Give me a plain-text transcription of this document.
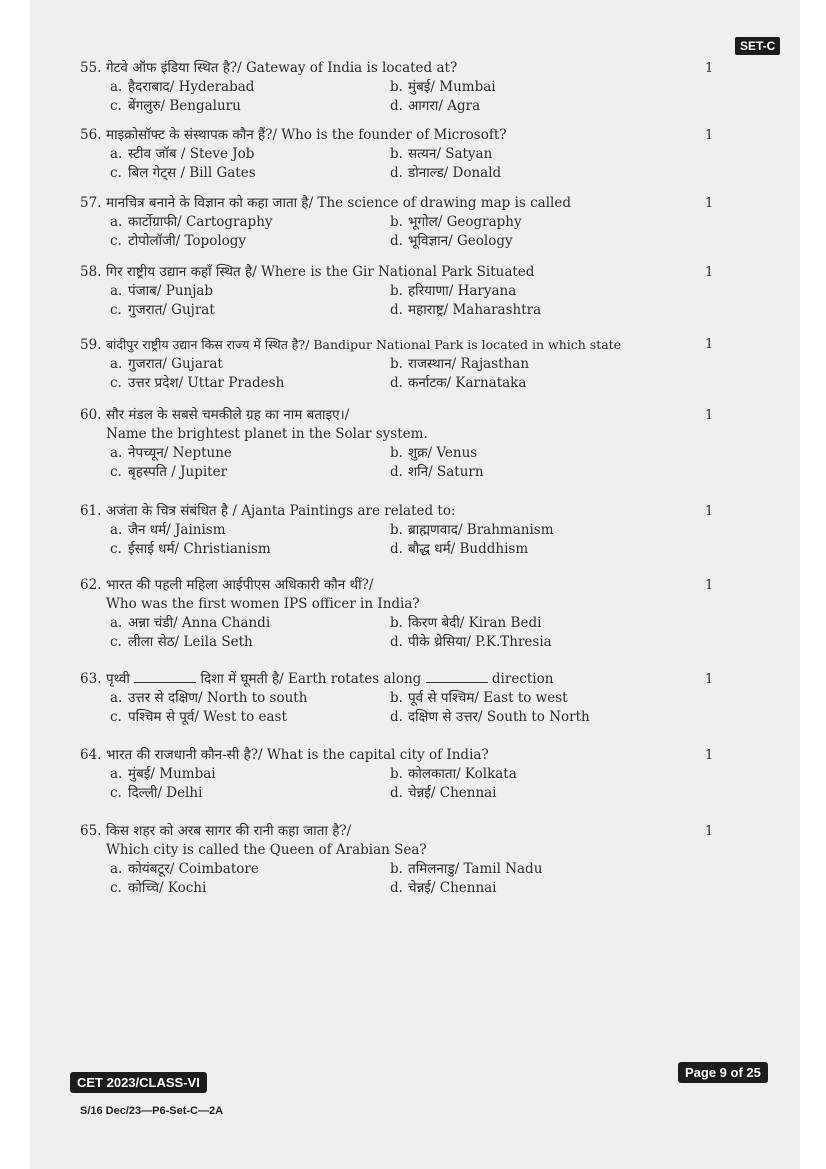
SET-C
55. गेटवे ऑफ इंडिया स्थित है?/ Gateway of India is located at?	1
a. हैदराबाद/ Hyderabad	b. मुंबई/ Mumbai
c. बेंगलुरु/ Bengaluru	d. आगरा/ Agra
56. माइक्रोसॉफ्ट के संस्थापक कौन हैं?/ Who is the founder of Microsoft?	1
a. स्टीव जॉब / Steve Job	b. सत्यन/ Satyan
c. बिल गेट्स / Bill Gates	d. डोनाल्ड/ Donald
57. मानचित्र बनाने के विज्ञान को कहा जाता है/ The science of drawing map is called	1
a. कार्टोग्राफी/ Cartography	b. भूगोल/ Geography
c. टोपोलॉजी/ Topology	d. भूविज्ञान/ Geology
58. गिर राष्ट्रीय उद्यान कहाँ स्थित है/ Where is the Gir National Park Situated	1
a. पंजाब/ Punjab	b. हरियाणा/ Haryana
c. गुजरात/ Gujrat	d. महाराष्ट्र/ Maharashtra
59. बांदीपुर राष्ट्रीय उद्यान किस राज्य में स्थित है?/ Bandipur National Park is located in which state	1
a. गुजरात/ Gujarat	b. राजस्थान/ Rajasthan
c. उत्तर प्रदेश/ Uttar Pradesh	d. कर्नाटक/ Karnataka
60. सौर मंडल के सबसे चमकीले ग्रह का नाम बताइए।/	1
Name the brightest planet in the Solar system.
a. नेपच्यून/ Neptune	b. शुक्र/ Venus
c. बृहस्पति / Jupiter	d. शनि/ Saturn
61. अजंता के चित्र संबंधित है / Ajanta Paintings are related to:	1
a. जैन धर्म/ Jainism	b. ब्राह्मणवाद/ Brahmanism
c. ईसाई धर्म/ Christianism	d. बौद्ध धर्म/ Buddhism
62. भारत की पहली महिला आईपीएस अधिकारी कौन थीं?/	1
Who was the first women IPS officer in India?
a. अन्ना चंडी/ Anna Chandi	b. किरण बेदी/ Kiran Bedi
c. लीला सेठ/ Leila Seth	d. पीके थ्रेसिया/ P.K.Thresia
63. पृथ्वी	दिशा में घूमती है/ Earth rotates along	direction	1
a. उत्तर से दक्षिण/ North to south	b. पूर्व से पश्चिम/ East to west
c. पश्चिम से पूर्व/ West to east	d. दक्षिण से उत्तर/ South to North
64. भारत की राजधानी कौन-सी है?/ What is the capital city of India?	1
a. मुंबई/ Mumbai	b. कोलकाता/ Kolkata
c. दिल्ली/ Delhi	d. चेन्नई/ Chennai
65. किस शहर को अरब सागर की रानी कहा जाता है?/	1
Which city is called the Queen of Arabian Sea?
a. कोयंबटूर/ Coimbatore	b. तमिलनाडु/ Tamil Nadu
c. कोच्चि/ Kochi	d. चेन्नई/ Chennai
CET 2023/CLASS-VI
Page 9 of 25
S/16 Dec/23—P6-Set-C—2A
